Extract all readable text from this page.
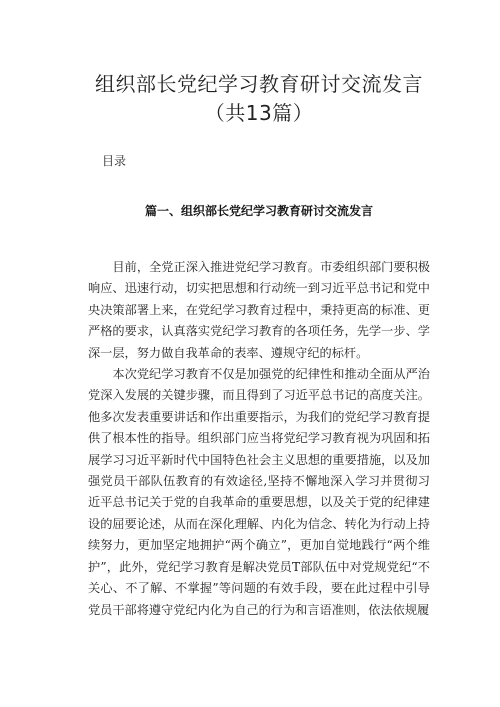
组织部长党纪学习教育研讨交流发言（共13篇）
目录
篇一、组织部长党纪学习教育研讨交流发言

目前，全党正深入推进党纪学习教育。市委组织部门要积极响应、迅速行动，切实把思想和行动统一到习近平总书记和党中央决策部署上来，在党纪学习教育过程中，秉持更高的标准、更严格的要求，认真落实党纪学习教育的各项任务，先学一步、学深一层，努力做自我革命的表率、遵规守纪的标杆。

本次党纪学习教育不仅是加强党的纪律性和推动全面从严治党深入发展的关键步骤，而且得到了习近平总书记的高度关注。他多次发表重要讲话和作出重要指示，为我们的党纪学习教育提供了根本性的指导。组织部门应当将党纪学习教育视为巩固和拓展学习习近平新时代中国特色社会主义思想的重要措施，以及加强党员干部队伍教育的有效途径,坚持不懈地深入学习并贯彻习近平总书记关于党的自我革命的重要思想，以及关于党的纪律建设的屈要论述，从而在深化理解、内化为信念、转化为行动上持续努力，更加坚定地拥护“两个确立”，更加自觉地践行“两个维护”，此外，党纪学习教育是解决党员T部队伍中对党规党纪“不关心、不了解、不掌握”等问题的有效手段，要在此过程中引导党员干部将遵守党纪内化为自己的行为和言语准则，依法依规履
